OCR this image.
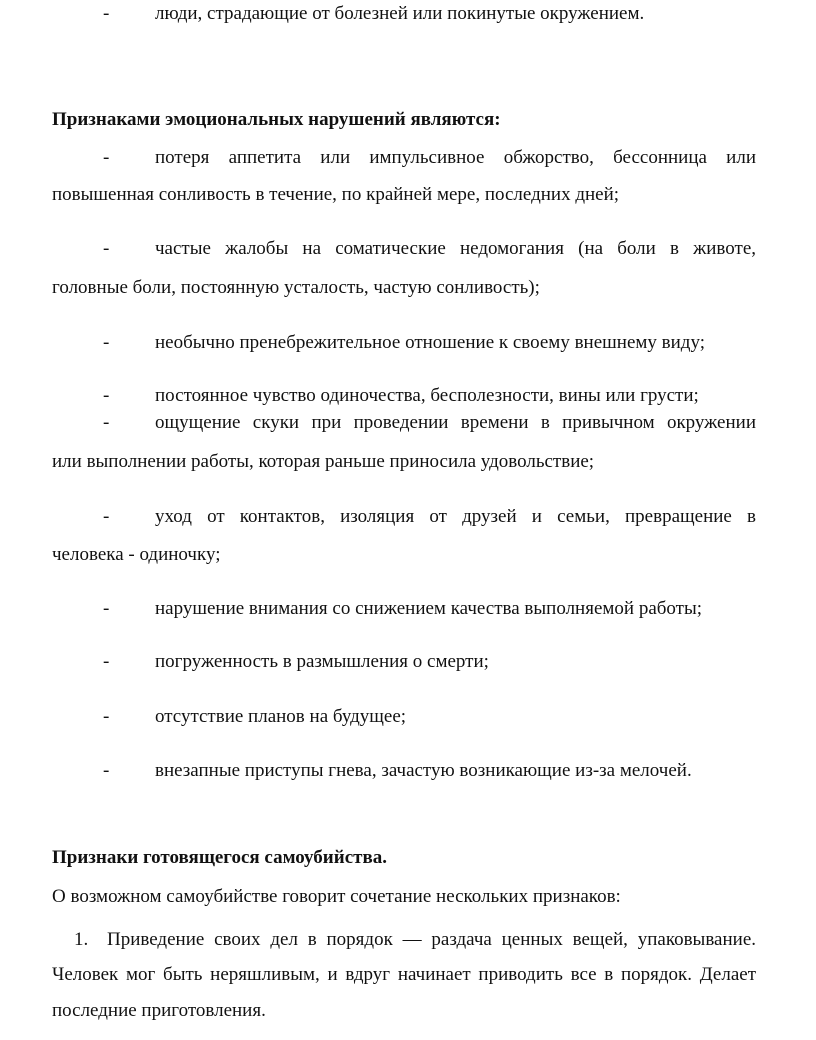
- люди, страдающие от болезней или покинутые окружением.
Признаками эмоциональных нарушений являются:
- потеря аппетита или импульсивное обжорство, бессонница или
повышенная сонливость в течение, по крайней мере, последних дней;
- частые жалобы на соматические недомогания (на боли в животе,
головные боли, постоянную усталость, частую сонливость);
- необычно пренебрежительное отношение к своему внешнему виду;
- постоянное чувство одиночества, бесполезности, вины или грусти;
- ощущение скуки при проведении времени в привычном окружении
или выполнении работы, которая раньше приносила удовольствие;
- уход от контактов, изоляция от друзей и семьи, превращение в
человека - одиночку;
- нарушение внимания со снижением качества выполняемой работы;
- погруженность в размышления о смерти;
- отсутствие планов на будущее;
- внезапные приступы гнева, зачастую возникающие из-за мелочей.
Признаки готовящегося самоубийства.
О возможном самоубийстве говорит сочетание нескольких признаков:
1. Приведение своих дел в порядок — раздача ценных вещей, упаковывание.
Человек мог быть неряшливым, и вдруг начинает приводить все в порядок. Делает
последние приготовления.
